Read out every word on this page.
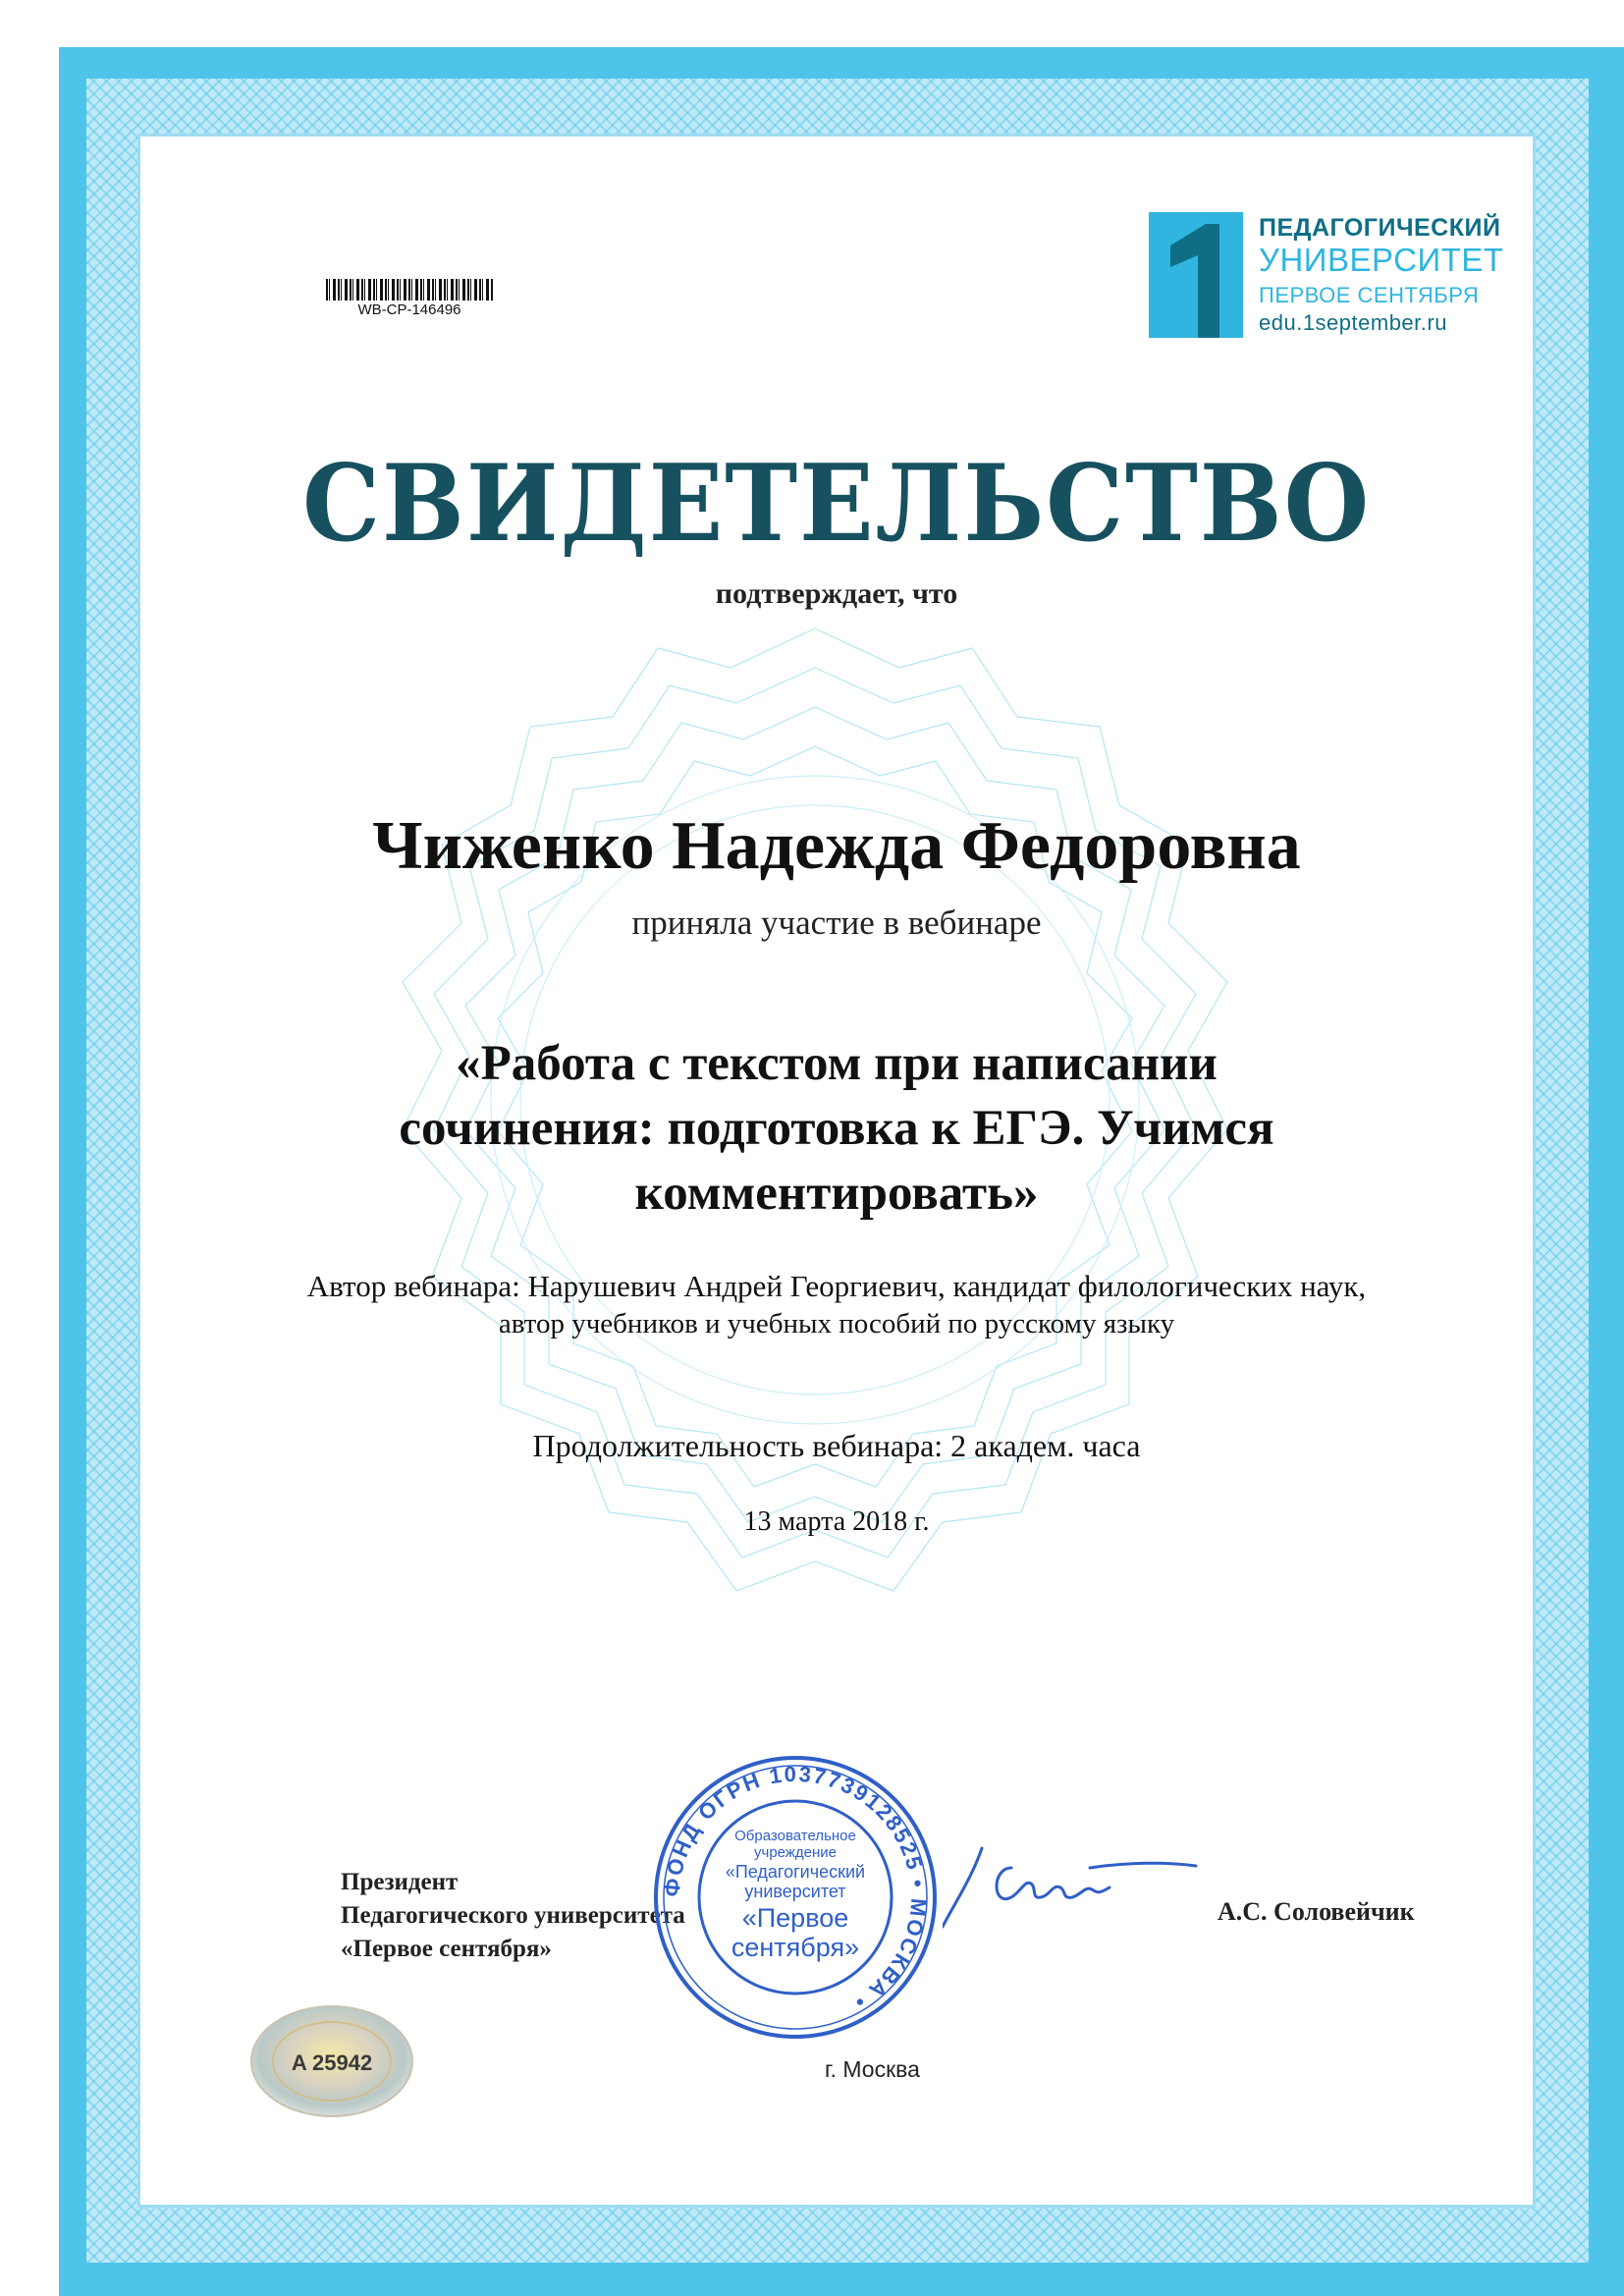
WB-CP-146496
ПЕДАГОГИЧЕСКИЙ
УНИВЕРСИТЕТ
ПЕРВОЕ СЕНТЯБРЯ
edu.1september.ru
СВИДЕТЕЛЬСТВО
подтверждает, что
Чиженко Надежда Федоровна
приняла участие в вебинаре
«Работа с текстом при написании
сочинения: подготовка к ЕГЭ. Учимся
комментировать»
Автор вебинара: Нарушевич Андрей Георгиевич, кандидат филологических наук,
автор учебников и учебных пособий по русскому языку
Продолжительность вебинара: 2 академ. часа
13 марта 2018 г.
Президент
Педагогического университета
«Первое сентября»
ФОНД ОГРН 1037739128525 • МОСКВА •
Образовательное
учреждение
«Педагогический
университет
«Первое
сентября»
А.С. Соловейчик
г. Москва
A 25942
